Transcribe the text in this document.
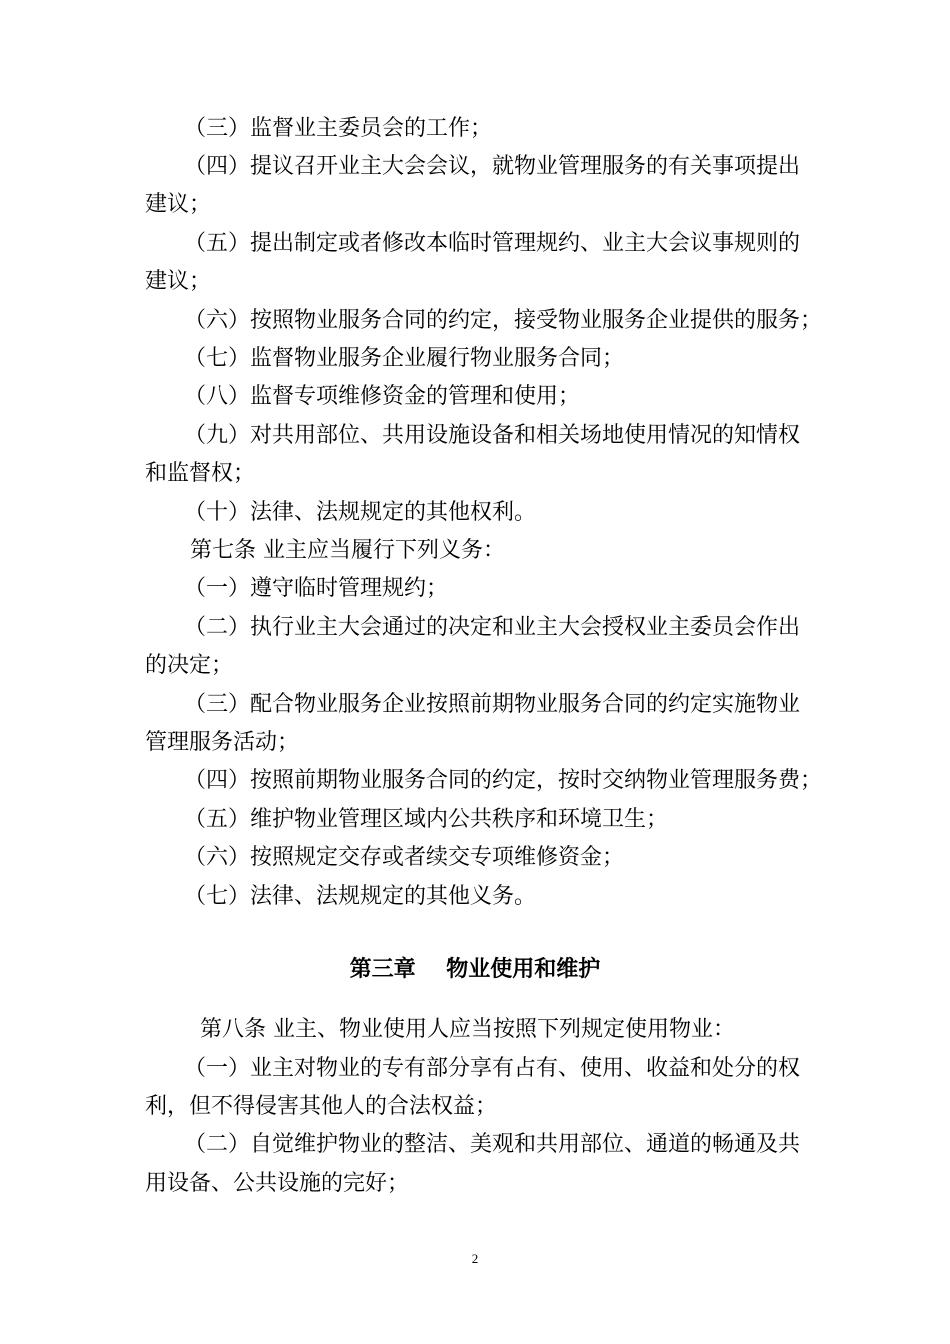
（三）监督业主委员会的工作；
（四）提议召开业主大会会议，就物业管理服务的有关事项提出
建议；
（五）提出制定或者修改本临时管理规约、业主大会议事规则的
建议；
（六）按照物业服务合同的约定，接受物业服务企业提供的服务；
（七）监督物业服务企业履行物业服务合同；
（八）监督专项维修资金的管理和使用；
（九）对共用部位、共用设施设备和相关场地使用情况的知情权
和监督权；
（十）法律、法规规定的其他权利。
第七条 业主应当履行下列义务：
（一）遵守临时管理规约；
（二）执行业主大会通过的决定和业主大会授权业主委员会作出
的决定；
（三）配合物业服务企业按照前期物业服务合同的约定实施物业
管理服务活动；
（四）按照前期物业服务合同的约定，按时交纳物业管理服务费；
（五）维护物业管理区域内公共秩序和环境卫生；
（六）按照规定交存或者续交专项维修资金；
（七）法律、法规规定的其他义务。
第三章    物业使用和维护
第八条 业主、物业使用人应当按照下列规定使用物业：
（一）业主对物业的专有部分享有占有、使用、收益和处分的权
利，但不得侵害其他人的合法权益；
（二）自觉维护物业的整洁、美观和共用部位、通道的畅通及共
用设备、公共设施的完好；
2
